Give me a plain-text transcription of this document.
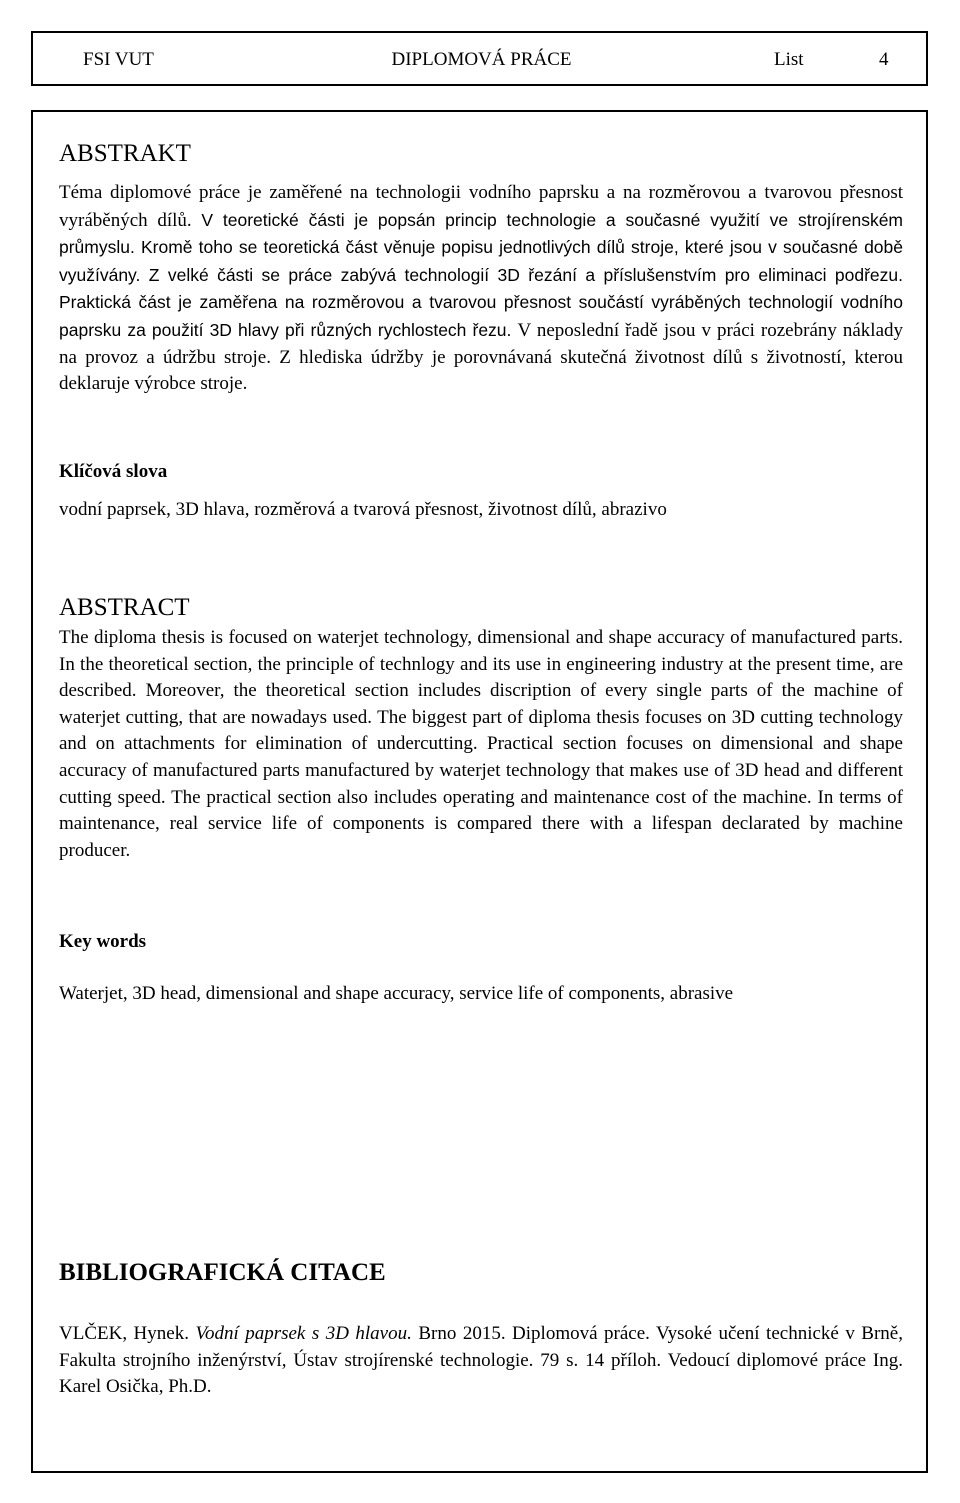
FSI VUT	DIPLOMOVÁ PRÁCE	List	4
ABSTRAKT

Téma diplomové práce je zaměřené na technologii vodního paprsku a na rozměrovou a tvarovou přesnost vyráběných dílů. V teoretické části je popsán princip technologie a současné využití ve strojírenském průmyslu. Kromě toho se teoretická část věnuje popisu jednotlivých dílů stroje, které jsou v současné době využívány. Z velké části se práce zabývá technologií 3D řezání a příslušenstvím pro eliminaci podřezu. Praktická část je zaměřena na rozměrovou a tvarovou přesnost součástí vyráběných technologií vodního paprsku za použití 3D hlavy při různých rychlostech řezu. V neposlední řadě jsou v práci rozebrány náklady na provoz a údržbu stroje. Z hlediska údržby je porovnávaná skutečná životnost dílů s životností, kterou deklaruje výrobce stroje.

Klíčová slova

vodní paprsek, 3D hlava, rozměrová a tvarová přesnost, životnost dílů, abrazivo

ABSTRACT

The diploma thesis is focused on waterjet technology, dimensional and shape accuracy of manufactured parts. In the theoretical section, the principle of technlogy and its use in engineering industry at the present time, are described. Moreover, the theoretical section includes discription of every single parts of the machine of waterjet cutting, that are nowadays used. The biggest part of diploma thesis focuses on 3D cutting technology and on attachments for elimination of undercutting. Practical section focuses on dimensional and shape accuracy of manufactured parts manufactured by waterjet technology that makes use of 3D head and different cutting speed. The practical section also includes operating and maintenance cost of the machine. In terms of maintenance, real service life of components is compared there with a lifespan declarated by machine producer.

Key words

Waterjet, 3D head, dimensional and shape accuracy, service life of components, abrasive

BIBLIOGRAFICKÁ CITACE

VLČEK, Hynek. Vodní paprsek s 3D hlavou. Brno 2015. Diplomová práce. Vysoké učení technické v Brně, Fakulta strojního inženýrství, Ústav strojírenské technologie. 79 s. 14 příloh. Vedoucí diplomové práce Ing. Karel Osička, Ph.D.
